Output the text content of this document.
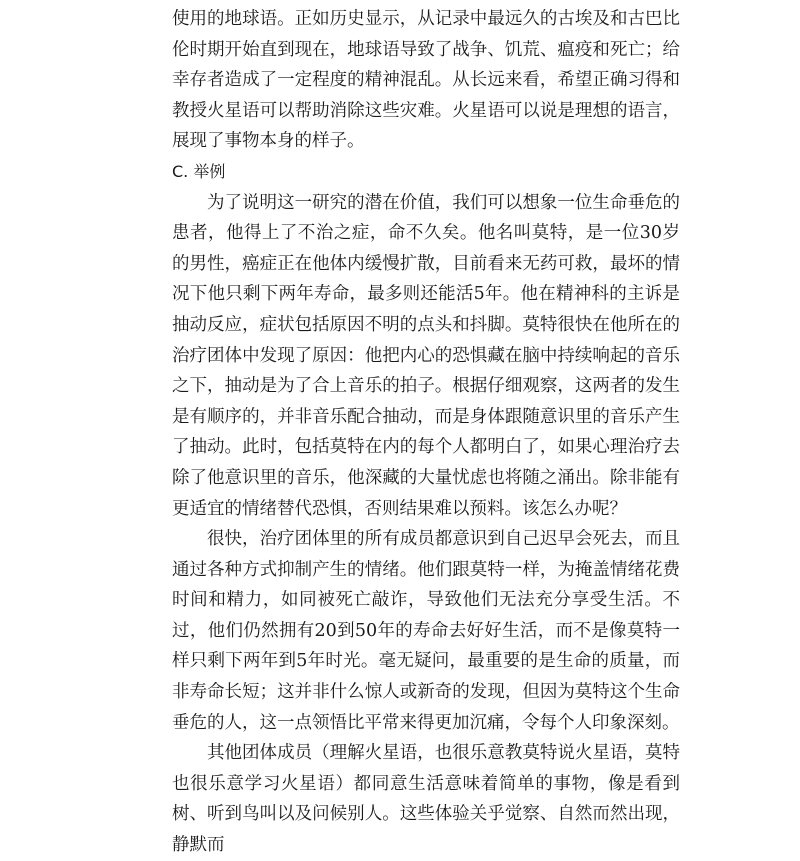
使用的地球语。正如历史显示，从记录中最远久的古埃及和古巴比伦时期开始直到现在，地球语导致了战争、饥荒、瘟疫和死亡；给幸存者造成了一定程度的精神混乱。从长远来看，希望正确习得和教授火星语可以帮助消除这些灾难。火星语可以说是理想的语言，展现了事物本身的样子。

C. 举例

为了说明这一研究的潜在价值，我们可以想象一位生命垂危的患者，他得上了不治之症，命不久矣。他名叫莫特，是一位30岁的男性，癌症正在他体内缓慢扩散，目前看来无药可救，最坏的情况下他只剩下两年寿命，最多则还能活5年。他在精神科的主诉是抽动反应，症状包括原因不明的点头和抖脚。莫特很快在他所在的治疗团体中发现了原因：他把内心的恐惧藏在脑中持续响起的音乐之下，抽动是为了合上音乐的拍子。根据仔细观察，这两者的发生是有顺序的，并非音乐配合抽动，而是身体跟随意识里的音乐产生了抽动。此时，包括莫特在内的每个人都明白了，如果心理治疗去除了他意识里的音乐，他深藏的大量忧虑也将随之涌出。除非能有更适宜的情绪替代恐惧，否则结果难以预料。该怎么办呢？

很快，治疗团体里的所有成员都意识到自己迟早会死去，而且通过各种方式抑制产生的情绪。他们跟莫特一样，为掩盖情绪花费时间和精力，如同被死亡敲诈，导致他们无法充分享受生活。不过，他们仍然拥有20到50年的寿命去好好生活，而不是像莫特一样只剩下两年到5年时光。毫无疑问，最重要的是生命的质量，而非寿命长短；这并非什么惊人或新奇的发现，但因为莫特这个生命垂危的人，这一点领悟比平常来得更加沉痛，令每个人印象深刻。

其他团体成员（理解火星语，也很乐意教莫特说火星语，莫特也很乐意学习火星语）都同意生活意味着简单的事物，像是看到树、听到鸟叫以及问候别人。这些体验关乎觉察、自然而然出现，静默而
